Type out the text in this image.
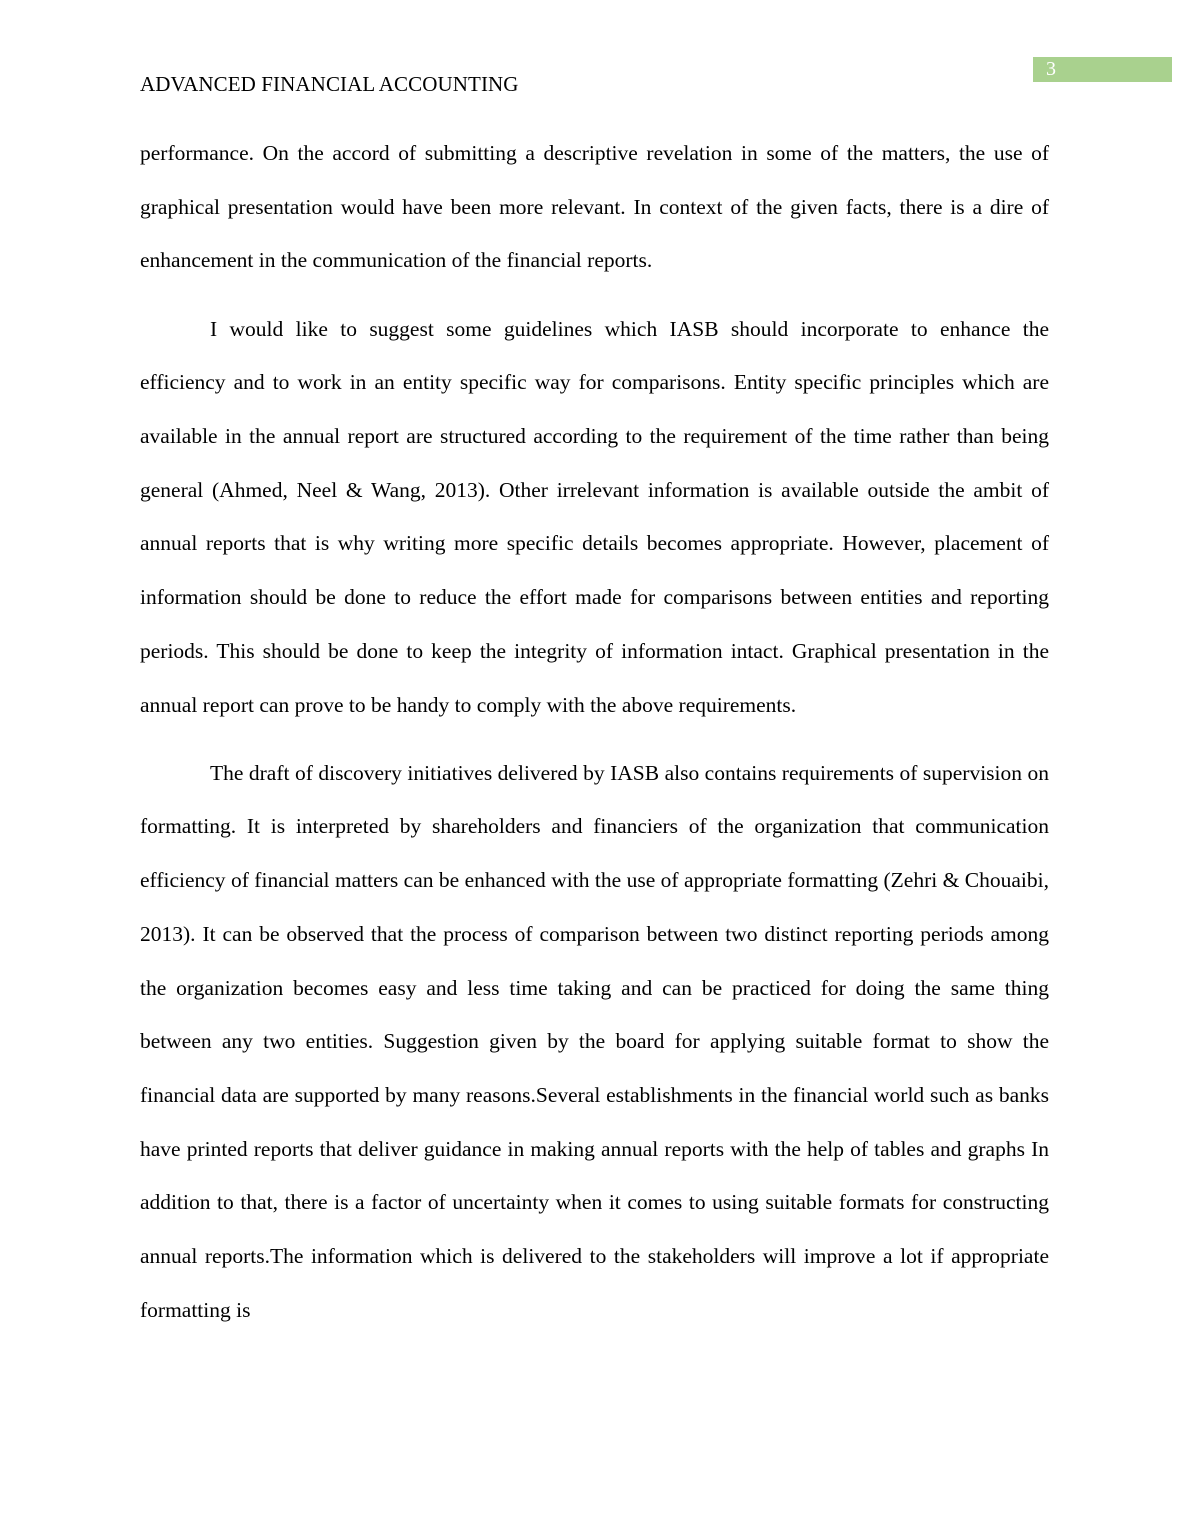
3
ADVANCED FINANCIAL ACCOUNTING

performance. On the accord of submitting a descriptive revelation in some of the matters, the use of graphical presentation would have been more relevant. In context of the given facts, there is a dire of enhancement in the communication of the financial reports.

I would like to suggest some guidelines which IASB should incorporate to enhance the efficiency and to work in an entity specific way for comparisons. Entity specific principles which are available in the annual report are structured according to the requirement of the time rather than being general (Ahmed, Neel & Wang, 2013). Other irrelevant information is available outside the ambit of annual reports that is why writing more specific details becomes appropriate. However, placement of information should be done to reduce the effort made for comparisons between entities and reporting periods. This should be done to keep the integrity of information intact. Graphical presentation in the annual report can prove to be handy to comply with the above requirements.

The draft of discovery initiatives delivered by IASB also contains requirements of supervision on formatting. It is interpreted by shareholders and financiers of the organization that communication efficiency of financial matters can be enhanced with the use of appropriate formatting (Zehri & Chouaibi, 2013). It can be observed that the process of comparison between two distinct reporting periods among the organization becomes easy and less time taking and can be practiced for doing the same thing between any two entities. Suggestion given by the board for applying suitable format to show the financial data are supported by many reasons.Several establishments in the financial world such as banks have printed reports that deliver guidance in making annual reports with the help of tables and graphs In addition to that, there is a factor of uncertainty when it comes to using suitable formats for constructing annual reports.The information which is delivered to the stakeholders will improve a lot if appropriate formatting is
